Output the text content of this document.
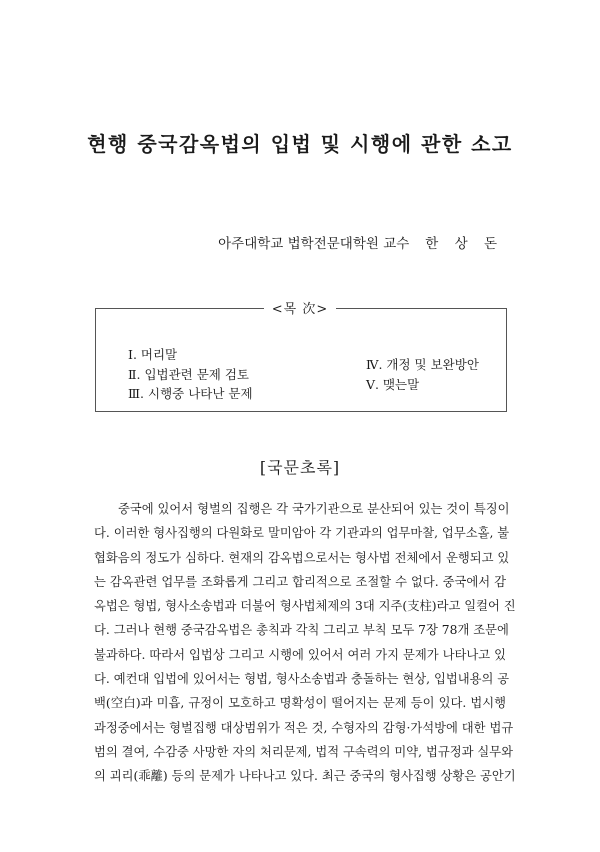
현행 중국감옥법의 입법 및 시행에 관한 소고
아주대학교 법학전문대학원 교수 한 상 돈
<목 次>
Ⅰ. 머리말
Ⅱ. 입법관련 문제 검토
Ⅲ. 시행중 나타난 문제
Ⅳ. 개정 및 보완방안
Ⅴ. 맺는말
[국문초록]
중국에 있어서 형벌의 집행은 각 국가기관으로 분산되어 있는 것이 특징이
다. 이러한 형사집행의 다원화로 말미암아 각 기관과의 업무마찰, 업무소홀, 불
협화음의 정도가 심하다. 현재의 감옥법으로서는 형사법 전체에서 운행되고 있
는 감옥관련 업무를 조화롭게 그리고 합리적으로 조절할 수 없다. 중국에서 감
옥법은 형법, 형사소송법과 더불어 형사법체제의 3대 지주(支柱)라고 일컬어 진
다. 그러나 현행 중국감옥법은 총칙과 각칙 그리고 부칙 모두 7장 78개 조문에
불과하다. 따라서 입법상 그리고 시행에 있어서 여러 가지 문제가 나타나고 있
다. 예컨대 입법에 있어서는 형법, 형사소송법과 충돌하는 현상, 입법내용의 공
백(空白)과 미흡, 규정이 모호하고 명확성이 떨어지는 문제 등이 있다. 법시행
과정중에서는 형벌집행 대상범위가 적은 것, 수형자의 감형·가석방에 대한 법규
범의 결여, 수감중 사망한 자의 처리문제, 법적 구속력의 미약, 법규정과 실무와
의 괴리(乖離) 등의 문제가 나타나고 있다. 최근 중국의 형사집행 상황은 공안기
